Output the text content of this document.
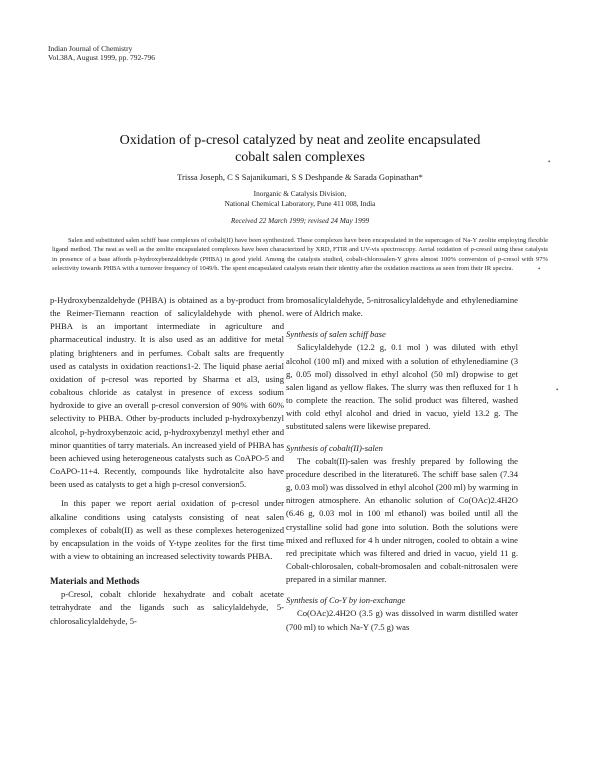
Indian Journal of Chemistry
Vol.38A, August 1999, pp. 792-796
Oxidation of p-cresol catalyzed by neat and zeolite encapsulated
cobalt salen complexes
Trissa Joseph, C S Sajanikumari, S S Deshpande & Sarada Gopinathan*
Inorganic & Catalysis Division,
National Chemical Laboratory, Pune 411 008, India
Received 22 March 1999; revised 24 May 1999
Salen and substituted salen schiff base complexes of cobalt(II) have been synthesized. These complexes have been encapsulated in the supercages of Na-Y zeolite employing flexible ligand method. The neat as well as the zeolite encapsulated complexes have been characterized by XRD, FTIR and UV-vis spectroscopy. Aerial oxidation of p-cresol using these catalysts in presence of a base affords p-hydroxybenzaldehyde (PHBA) in good yield. Among the catalysts studied, cobalt-chlorosalen-Y gives almost 100% conversion of p-cresol with 97% selectivity towards PHBA with a turnover frequency of 1049/h. The spent encapsulated catalysts retain their identity after the oxidation reactions as seen from their IR spectra.
•
•
•

p-Hydroxybenzaldehyde (PHBA) is obtained as a by-product from the Reimer-Tiemann reaction of salicylaldehyde with phenol. PHBA is an important intermediate in agriculture and pharmaceutical industry. It is also used as an additive for metal plating brighteners and in perfumes. Cobalt salts are frequently used as catalysts in oxidation reactions1-2. The liquid phase aerial oxidation of p-cresol was reported by Sharma et al3, using cobaltous chloride as catalyst in presence of excess sodium hydroxide to give an overall p-cresol conversion of 90% with 60% selectivity to PHBA. Other by-products included p-hydroxybenzyl alcohol, p-hydroxybenzoic acid, p-hydroxybenzyl methyl ether and minor quantities of tarry materials. An increased yield of PHBA has been achieved using heterogeneous catalysts such as CoAPO-5 and CoAPO-11+4. Recently, compounds like hydrotalcite also have been used as catalysts to get a high p-cresol conversion5.

In this paper we report aerial oxidation of p-cresol under alkaline conditions using catalysts consisting of neat salen complexes of cobalt(II) as well as these complexes heterogenized by encapsulation in the voids of Y-type zeolites for the first time with a view to obtaining an increased selectivity towards PHBA.

Materials and Methods

p-Cresol, cobalt chloride hexahydrate and cobalt acetate tetrahydrate and the ligands such as salicylaldehyde, 5-chlorosalicylaldehyde, 5-

bromosalicylaldehyde, 5-nitrosalicylaldehyde and ethylenediamine were of Aldrich make.

Synthesis of salen schiff base

Salicylaldehyde (12.2 g, 0.1 mol ) was diluted with ethyl alcohol (100 ml) and mixed with a solution of ethylenediamine (3 g, 0.05 mol) dissolved in ethyl alcohol (50 ml) dropwise to get salen ligand as yellow flakes. The slurry was then refluxed for 1 h to complete the reaction. The solid product was filtered, washed with cold ethyl alcohol and dried in vacuo, yield 13.2 g. The substituted salens were likewise prepared.

Synthesis of cobalt(II)-salen

The cobalt(II)-salen was freshly prepared by following the procedure described in the literature6. The schiff base salen (7.34 g, 0.03 mol) was dissolved in ethyl alcohol (200 ml) by warming in nitrogen atmosphere. An ethanolic solution of Co(OAc)2.4H2O (6.46 g, 0.03 mol in 100 ml ethanol) was boiled until all the crystalline solid had gone into solution. Both the solutions were mixed and refluxed for 4 h under nitrogen, cooled to obtain a wine red precipitate which was filtered and dried in vacuo, yield 11 g. Cobalt-chlorosalen, cobalt-bromosalen and cobalt-nitrosalen were prepared in a similar manner.

Synthesis of Co-Y by ion-exchange

Co(OAc)2.4H2O (3.5 g) was dissolved in warm distilled water (700 ml) to which Na-Y (7.5 g) was
